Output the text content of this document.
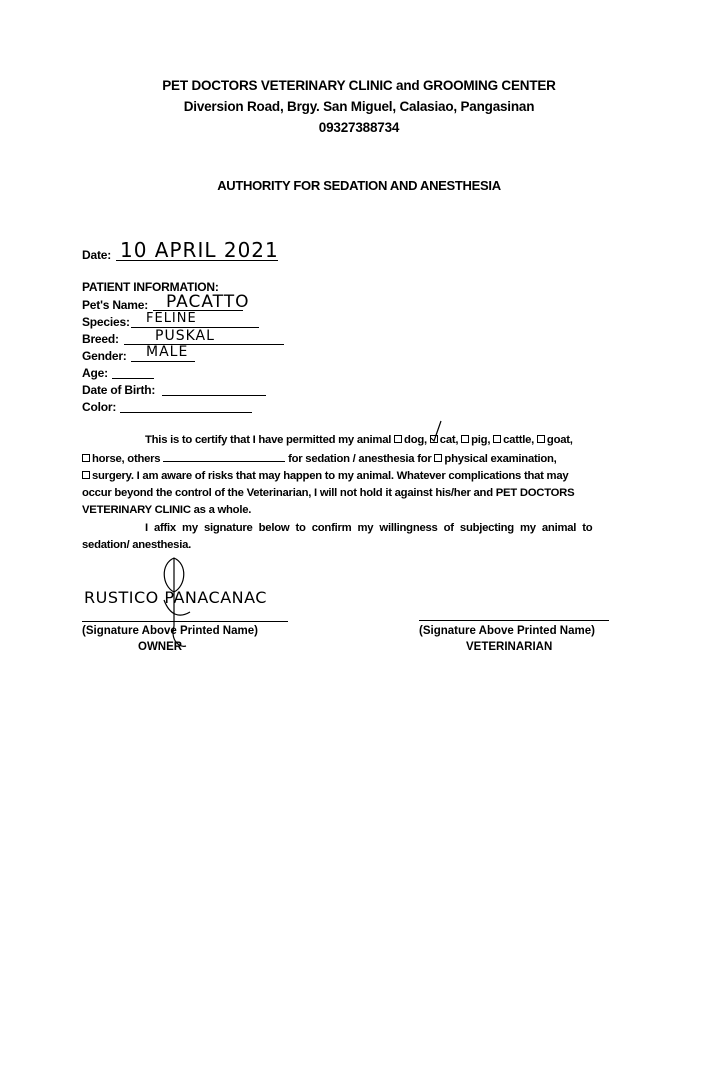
PET DOCTORS VETERINARY CLINIC and GROOMING CENTER
Diversion Road, Brgy. San Miguel, Calasiao, Pangasinan
09327388734
AUTHORITY FOR SEDATION AND ANESTHESIA
Date: 10 APRIL 2021
PATIENT INFORMATION:
Pet's Name: PACATTO
Species: FELINE
Breed:	PUSKAL
Gender: MALE
Age:
Date of Birth:
Color:
This is to certify that I have permitted my animal dog, cat, pig, cattle, goat,
horse, others	for sedation / anesthesia for physical examination,
surgery. I am aware of risks that may happen to my animal. Whatever complications that may
occur beyond the control of the Veterinarian, I will not hold it against his/her and PET DOCTORS
VETERINARY CLINIC as a whole.
I affix my signature below to confirm my willingness of subjecting my animal to
sedation/ anesthesia.
RUSTICO PANACANAC
(Signature Above Printed Name)
OWNER
(Signature Above Printed Name)
VETERINARIAN
